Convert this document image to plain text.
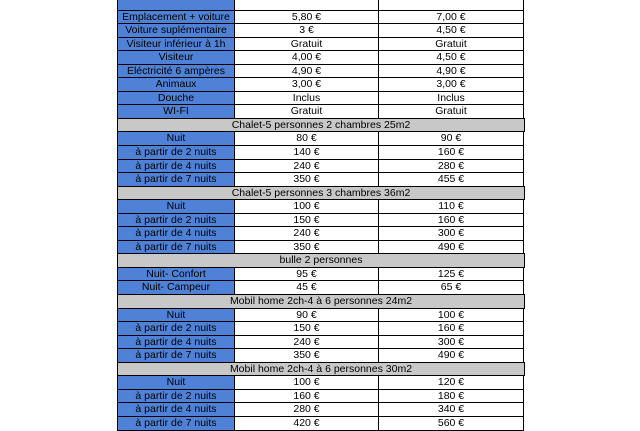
Emplacement + voiture	5,80 €	7,00 €
Voiture suplémentaire	3 €	4,50 €
Visiteur inférieur à 1h	Gratuit	Gratuit
Visiteur	4,00 €	4,50 €
Eléctricité 6 ampères	4,90 €	4,90 €
Animaux	3,00 €	3,00 €
Douche	Inclus	Inclus
WI-FI	Gratuit	Gratuit
Chalet-5 personnes 2 chambres 25m2
Nuit	80 €	90 €
à partir de 2 nuits	140 €	160 €
à partir de 4 nuits	240 €	280 €
à partir de 7 nuits	350 €	455 €
Chalet-5 personnes 3 chambres 36m2
Nuit	100 €	110 €
à partir de 2 nuits	150 €	160 €
à partir de 4 nuits	240 €	300 €
à partir de 7 nuits	350 €	490 €
bulle 2 personnes
Nuit- Confort	95 €	125 €
Nuit- Campeur	45 €	65 €
Mobil home 2ch-4 à 6 personnes 24m2
Nuit	90 €	100 €
à partir de 2 nuits	150 €	160 €
à partir de 4 nuits	240 €	300 €
à partir de 7 nuits	350 €	490 €
Mobil home 2ch-4 à 6 personnes 30m2
Nuit	100 €	120 €
à partir de 2 nuits	160 €	180 €
à partir de 4 nuits	280 €	340 €
à partir de 7 nuits	420 €	560 €
